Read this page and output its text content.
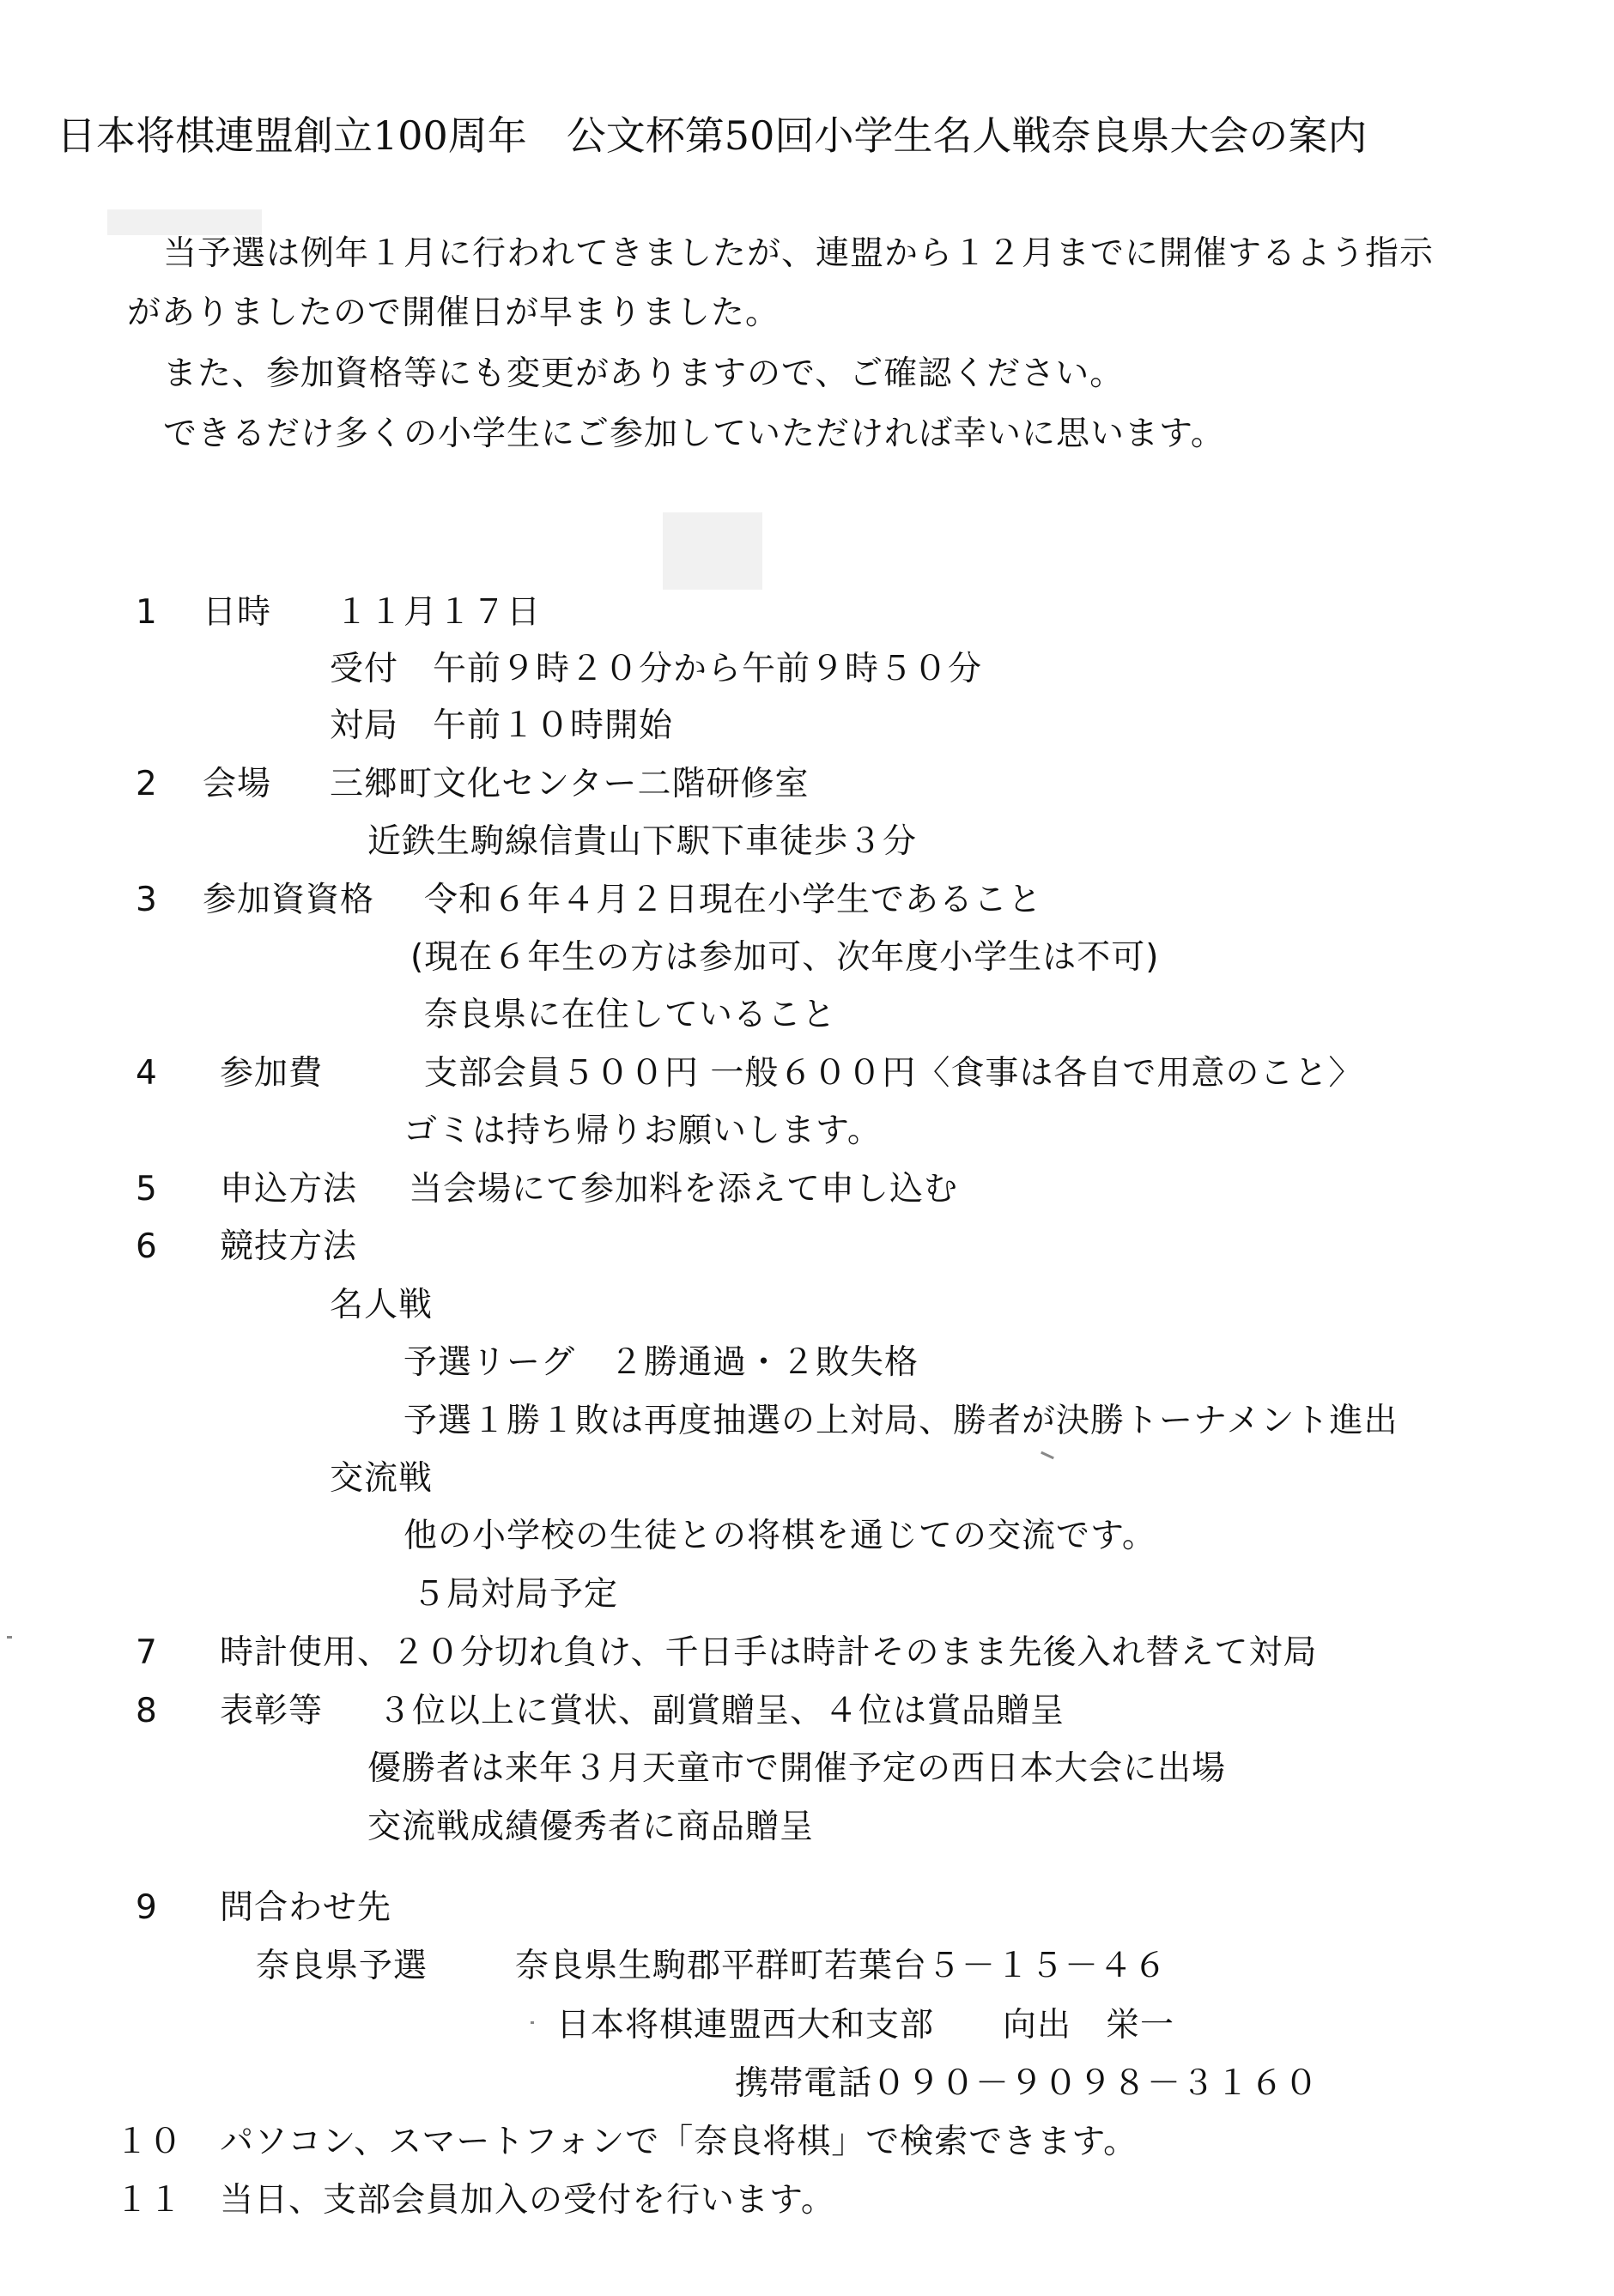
日本将棋連盟創立100周年　公文杯第50回小学生名人戦奈良県大会の案内
当予選は例年１月に行われてきましたが、連盟から１２月までに開催するよう指示
がありましたので開催日が早まりました。
また、参加資格等にも変更がありますので、ご確認ください。
できるだけ多くの小学生にご参加していただければ幸いに思います。
1 日時 １１月１７日
受付　午前９時２０分から午前９時５０分
対局　午前１０時開始
2 会場 三郷町文化センター二階研修室
近鉄生駒線信貴山下駅下車徒歩３分
3 参加資資格 令和６年４月２日現在小学生であること
(現在６年生の方は参加可、次年度小学生は不可)
奈良県に在住していること
4 参加費	支部会員５００円 一般６００円〈食事は各自で用意のこと〉
ゴミは持ち帰りお願いします。
5 申込方法 当会場にて参加料を添えて申し込む
6 競技方法
名人戦
予選リーグ　２勝通過・２敗失格
予選１勝１敗は再度抽選の上対局、勝者が決勝トーナメント進出
交流戦
他の小学校の生徒との将棋を通じての交流です。
５局対局予定
7 時計使用、２０分切れ負け、千日手は時計そのまま先後入れ替えて対局
8 表彰等 ３位以上に賞状、副賞贈呈、４位は賞品贈呈
優勝者は来年３月天童市で開催予定の西日本大会に出場
交流戦成績優秀者に商品贈呈
9 問合わせ先
奈良県予選	奈良県生駒郡平群町若葉台５－１５－４６
日本将棋連盟西大和支部　　向出　栄一
携帯電話０９０－９０９８－３１６０
１０ パソコン、スマートフォンで「奈良将棋」で検索できます。
１１ 当日、支部会員加入の受付を行います。
